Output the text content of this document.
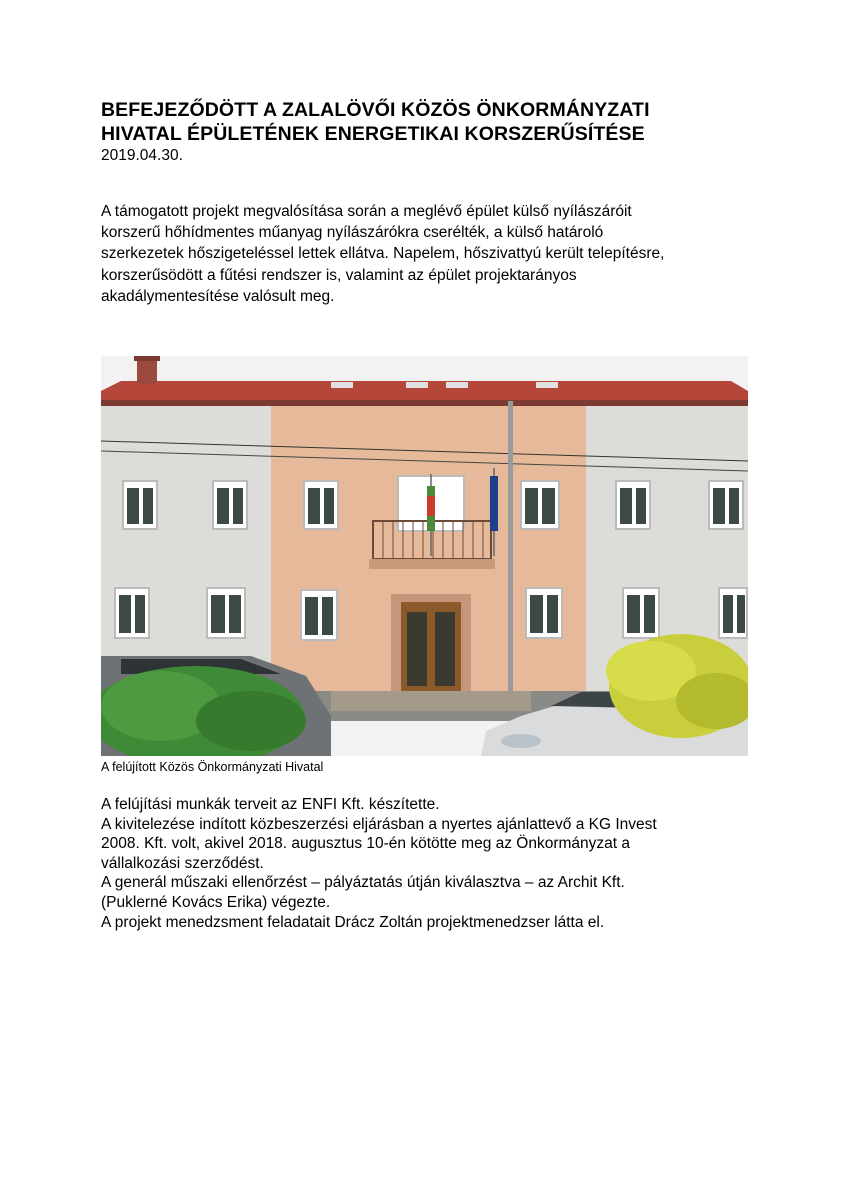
BEFEJEZŐDÖTT A ZALALÖVŐI KÖZÖS ÖNKORMÁNYZATI
HIVATAL ÉPÜLETÉNEK ENERGETIKAI KORSZERŰSÍTÉSE
2019.04.30.
A támogatott projekt megvalósítása során a meglévő épület külső nyílászáróit
korszerű hőhídmentes műanyag nyílászárókra cserélték, a külső határoló
szerkezetek hőszigeteléssel lettek ellátva. Napelem, hőszivattyú került telepítésre,
korszerűsödött a fűtési rendszer is, valamint az épület projektarányos
akadálymentesítése valósult meg.
A felújított Közös Önkormányzati Hivatal
A felújítási munkák terveit az ENFI Kft. készítette.
A kivitelezése indított közbeszerzési eljárásban a nyertes ajánlattevő a KG Invest
2008. Kft. volt, akivel 2018. augusztus 10-én kötötte meg az Önkormányzat a
vállalkozási szerződést.
A generál műszaki ellenőrzést – pályáztatás útján kiválasztva – az Archit Kft.
(Puklerné Kovács Erika) végezte.
A projekt menedzsment feladatait Drácz Zoltán projektmenedzser látta el.
